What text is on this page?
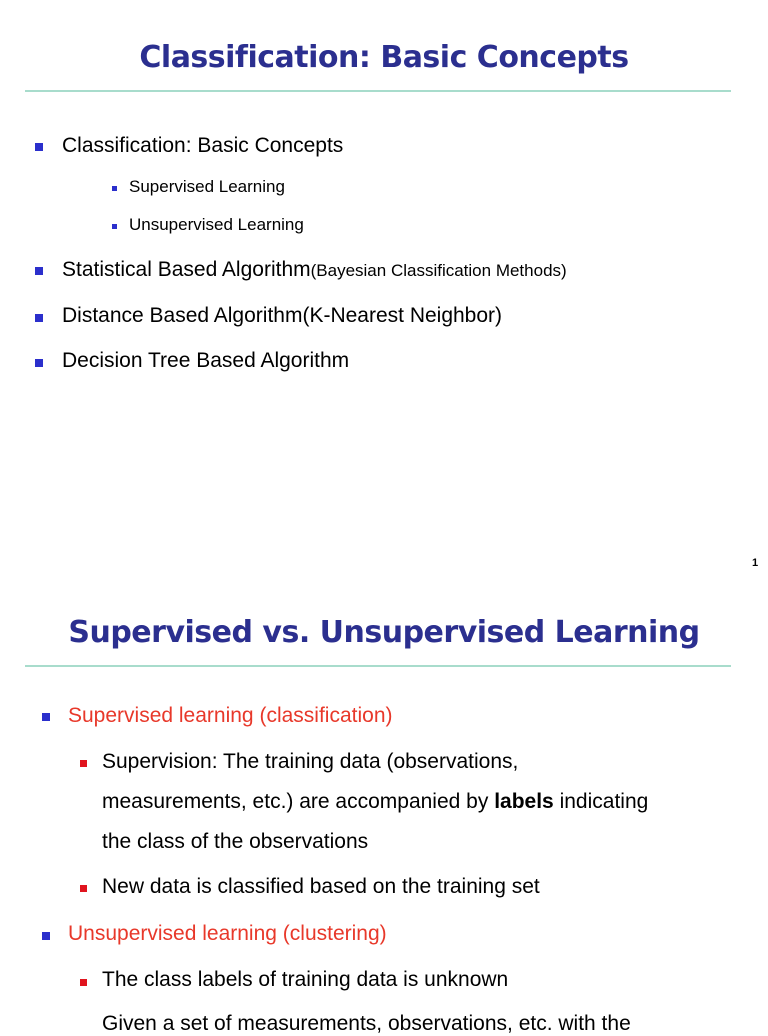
Classification: Basic Concepts
Classification: Basic Concepts
Supervised Learning
Unsupervised Learning
Statistical Based Algorithm(Bayesian Classification Methods)
Distance Based Algorithm(K-Nearest Neighbor)
Decision Tree Based Algorithm
1
Supervised vs. Unsupervised Learning
Supervised learning (classification)
Supervision: The training data (observations,
measurements, etc.) are accompanied by labels indicating
the class of the observations
New data is classified based on the training set
Unsupervised learning (clustering)
The class labels of training data is unknown
Given a set of measurements, observations, etc. with the
